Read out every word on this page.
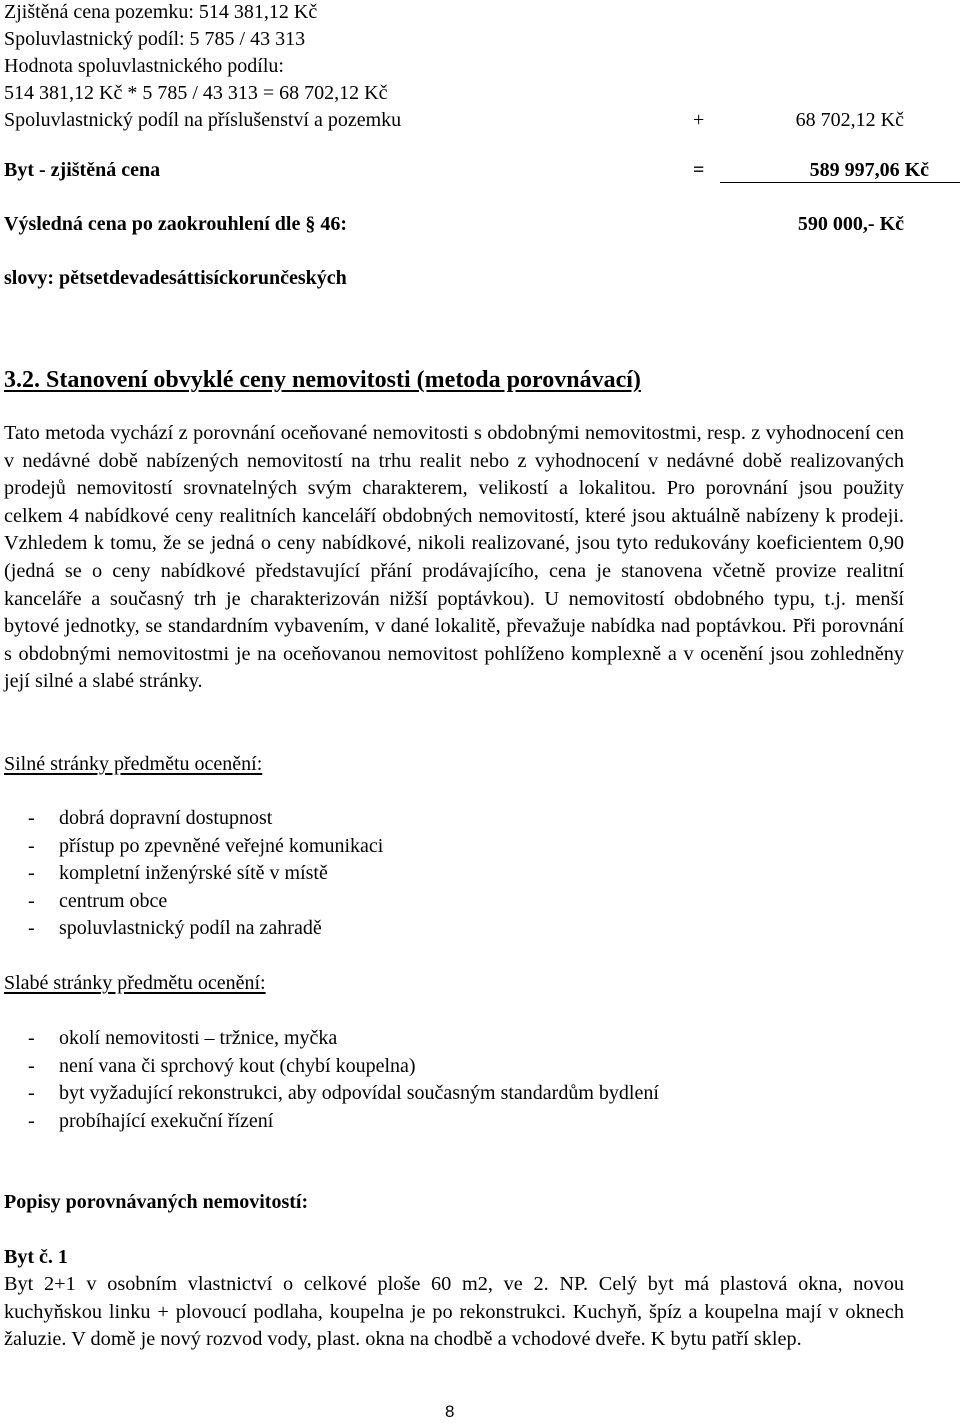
Zjištěná cena pozemku: 514 381,12 Kč
Spoluvlastnický podíl: 5 785 / 43 313
Hodnota spoluvlastnického podílu:
514 381,12 Kč * 5 785 / 43 313 = 68 702,12 Kč
Spoluvlastnický podíl na příslušenství a pozemku	+	68 702,12 Kč
Byt - zjištěná cena	=	589 997,06 Kč
Výsledná cena po zaokrouhlení dle § 46:	590 000,- Kč
slovy: pětsetdevadesáttisíckorunčeských
3.2. Stanovení obvyklé ceny nemovitosti (metoda porovnávací)
Tato metoda vychází z porovnání oceňované nemovitosti s obdobnými nemovitostmi, resp. z vyhodnocení cen v nedávné době nabízených nemovitostí na trhu realit nebo z vyhodnocení v nedávné době realizovaných prodejů nemovitostí srovnatelných svým charakterem, velikostí a lokalitou. Pro porovnání jsou použity celkem 4 nabídkové ceny realitních kanceláří obdobných nemovitostí, které jsou aktuálně nabízeny k prodeji. Vzhledem k tomu, že se jedná o ceny nabídkové, nikoli realizované, jsou tyto redukovány koeficientem 0,90 (jedná se o ceny nabídkové představující přání prodávajícího, cena je stanovena včetně provize realitní kanceláře a současný trh je charakterizován nižší poptávkou). U nemovitostí obdobného typu, t.j. menší bytové jednotky, se standardním vybavením, v dané lokalitě, převažuje nabídka nad poptávkou. Při porovnání s obdobnými nemovitostmi je na oceňovanou nemovitost pohlíženo komplexně a v ocenění jsou zohledněny její silné a slabé stránky.
Silné stránky předmětu ocenění:
- dobrá dopravní dostupnost
- přístup po zpevněné veřejné komunikaci
- kompletní inženýrské sítě v místě
- centrum obce
- spoluvlastnický podíl na zahradě
Slabé stránky předmětu ocenění:
- okolí nemovitosti – tržnice, myčka
- není vana či sprchový kout (chybí koupelna)
- byt vyžadující rekonstrukci, aby odpovídal současným standardům bydlení
- probíhající exekuční řízení
Popisy porovnávaných nemovitostí:
Byt č. 1
Byt 2+1 v osobním vlastnictví o celkové ploše 60 m2, ve 2. NP. Celý byt má plastová okna, novou kuchyňskou linku + plovoucí podlaha, koupelna je po rekonstrukci. Kuchyň, špíz a koupelna mají v oknech žaluzie. V domě je nový rozvod vody, plast. okna na chodbě a vchodové dveře. K bytu patří sklep.
8
